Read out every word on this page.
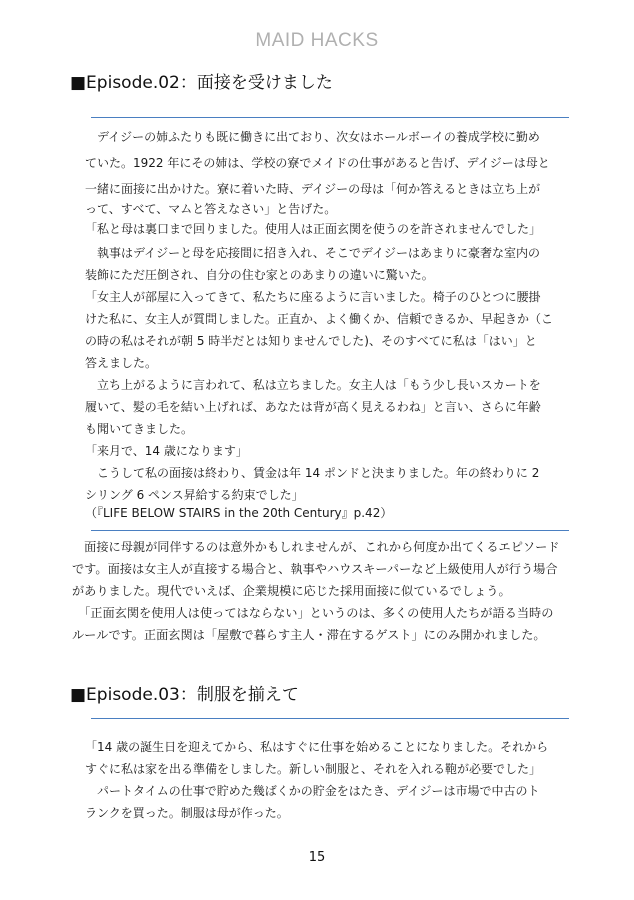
MAID HACKS
■Episode.02：面接を受けました
　デイジーの姉ふたりも既に働きに出ており、次女はホールボーイの養成学校に勤め
ていた。1922 年にその姉は、学校の寮でメイドの仕事があると告げ、デイジーは母と
一緒に面接に出かけた。寮に着いた時、デイジーの母は「何か答えるときは立ち上が
って、すべて、マムと答えなさい」と告げた。
「私と母は裏口まで回りました。使用人は正面玄関を使うのを許されませんでした」
　執事はデイジーと母を応接間に招き入れ、そこでデイジーはあまりに豪奢な室内の
装飾にただ圧倒され、自分の住む家とのあまりの違いに驚いた。
「女主人が部屋に入ってきて、私たちに座るように言いました。椅子のひとつに腰掛
けた私に、女主人が質問しました。正直か、よく働くか、信頼できるか、早起きか（こ
の時の私はそれが朝 5 時半だとは知りませんでした)、そのすべてに私は「はい」と
答えました。
　立ち上がるように言われて、私は立ちました。女主人は「もう少し長いスカートを
履いて、髪の毛を結い上げれば、あなたは背が高く見えるわね」と言い、さらに年齢
も聞いてきました。
「来月で、14 歳になります」
　こうして私の面接は終わり、賃金は年 14 ポンドと決まりました。年の終わりに 2
シリング 6 ペンス昇給する約束でした」
（『LIFE BELOW STAIRS in the 20th Century』p.42）
　面接に母親が同伴するのは意外かもしれませんが、これから何度か出てくるエピソード
です。面接は女主人が直接する場合と、執事やハウスキーパーなど上級使用人が行う場合
がありました。現代でいえば、企業規模に応じた採用面接に似ているでしょう。
　「正面玄関を使用人は使ってはならない」というのは、多くの使用人たちが語る当時の
ルールです。正面玄関は「屋敷で暮らす主人・滞在するゲスト」にのみ開かれました。
■Episode.03：制服を揃えて
「14 歳の誕生日を迎えてから、私はすぐに仕事を始めることになりました。それから
すぐに私は家を出る準備をしました。新しい制服と、それを入れる鞄が必要でした」
　パートタイムの仕事で貯めた幾ばくかの貯金をはたき、デイジーは市場で中古のト
ランクを買った。制服は母が作った。
15
